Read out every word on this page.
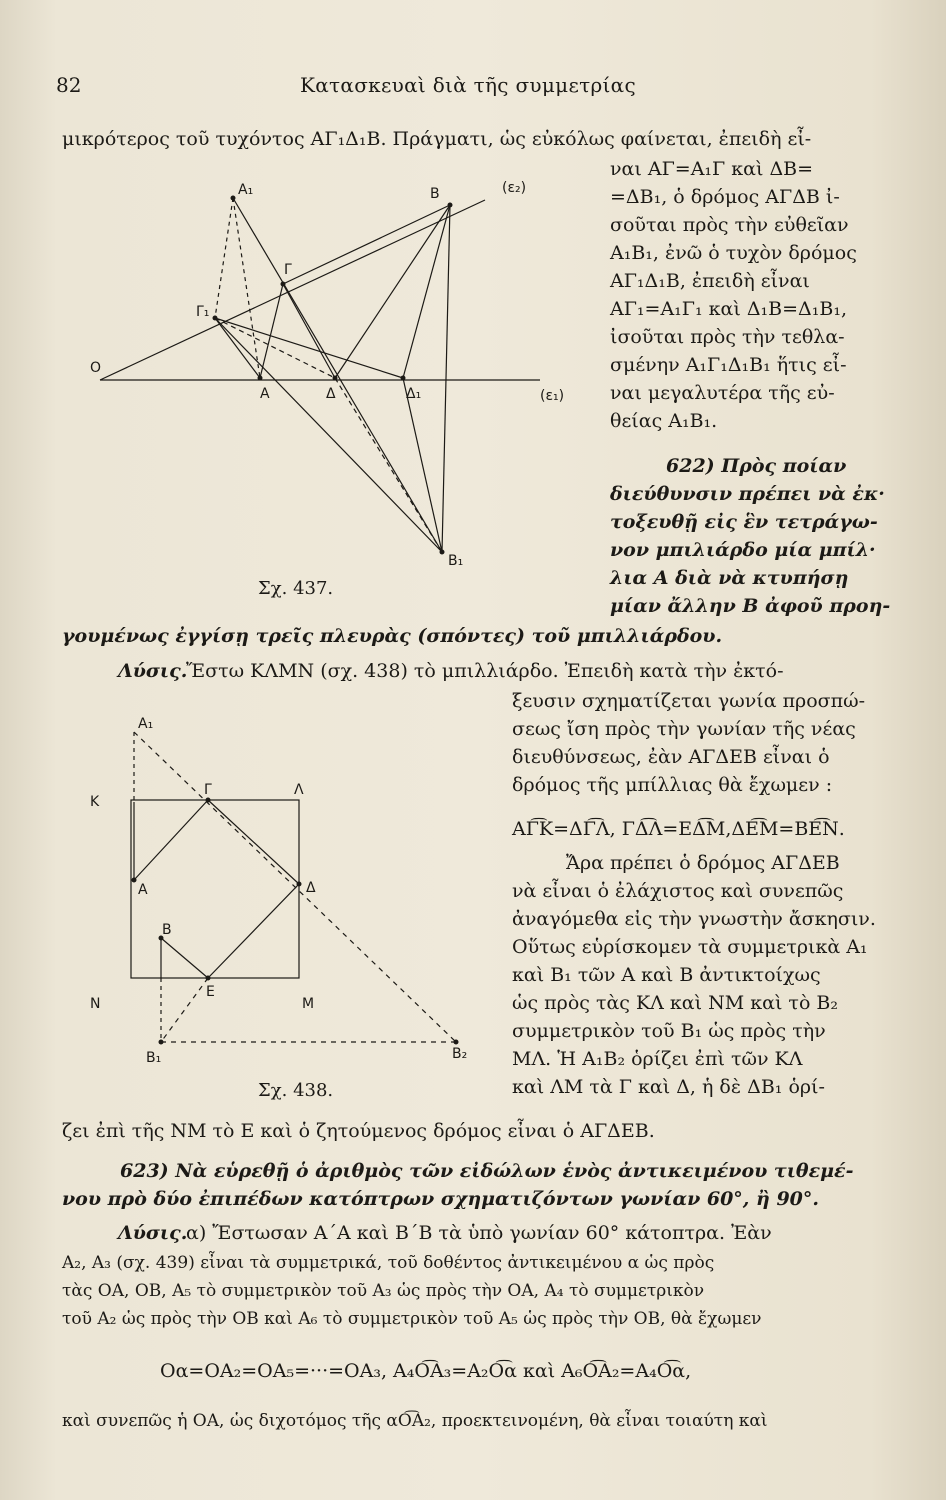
82	Κατασκευαὶ διὰ τῆς συμμετρίας
μικρότερος τοῦ τυχόντος ΑΓ₁Δ₁Β. Πράγματι, ὡς εὐκόλως φαίνεται, ἐπειδὴ εἶ-
ναι ΑΓ=Α₁Γ καὶ ΔΒ=
=ΔΒ₁, ὁ δρόμος ΑΓΔΒ ἰ-
σοῦται πρὸς τὴν εὐθεῖαν
Α₁Β₁, ἐνῶ ὁ τυχὸν δρόμος
ΑΓ₁Δ₁Β, ἐπειδὴ εἶναι
ΑΓ₁=Α₁Γ₁ καὶ Δ₁Β=Δ₁Β₁,
ἰσοῦται πρὸς τὴν τεθλα-
σμένην Α₁Γ₁Δ₁Β₁ ἥτις εἶ-
ναι μεγαλυτέρα τῆς εὐ-
θείας Α₁Β₁.
622) Πρὸς ποίαν
διεύθυνσιν πρέπει νὰ ἐκ·
τοξευθῇ εἰς ἓν τετράγω-
νον μπιλιάρδο μία μπίλ·
λια Α διὰ νὰ κτυπήσῃ
μίαν ἄλλην Β ἀφοῦ προη-
γουμένως ἐγγίσῃ τρεῖς πλευρὰς (σπόντες) τοῦ μπιλλιάρδου.
Λύσις.
Ἔστω ΚΛΜΝ (σχ. 438) τὸ μπιλλιάρδο. Ἐπειδὴ κατὰ τὴν ἐκτό-
ξευσιν σχηματίζεται γωνία προσπώ-
σεως ἴση πρὸς τὴν γωνίαν τῆς νέας
διευθύνσεως, ἐὰν ΑΓΔΕΒ εἶναι ὁ
δρόμος τῆς μπίλλιας θὰ ἔχωμεν :
ΑΓ͡Κ=ΔΓ͡Λ, ΓΔ͡Λ=ΕΔ͡Μ,ΔΕ͡Μ=ΒΕ͡Ν.
Ἄρα πρέπει ὁ δρόμος ΑΓΔΕΒ
νὰ εἶναι ὁ ἐλάχιστος καὶ συνεπῶς
ἀναγόμεθα εἰς τὴν γνωστὴν ἄσκησιν.
Οὕτως εὑρίσκομεν τὰ συμμετρικὰ Α₁
καὶ Β₁ τῶν Α καὶ Β ἀντικτοίχως
ὡς πρὸς τὰς ΚΛ καὶ ΝΜ καὶ τὸ Β₂
συμμετρικὸν τοῦ Β₁ ὡς πρὸς τὴν
ΜΛ. Ἡ Α₁Β₂ ὁρίζει ἐπὶ τῶν ΚΛ
καὶ ΛΜ τὰ Γ καὶ Δ, ἡ δὲ ΔΒ₁ ὁρί-
ζει ἐπὶ τῆς ΝΜ τὸ Ε καὶ ὁ ζητούμενος δρόμος εἶναι ὁ ΑΓΔΕΒ.
623) Νὰ εὑρεθῇ ὁ ἀριθμὸς τῶν εἰδώλων ἑνὸς ἀντικειμένου τιθεμέ-
νου πρὸ δύο ἐπιπέδων κατόπτρων σχηματιζόντων γωνίαν 60°, ἢ 90°.
Λύσις.
α) Ἔστωσαν Α΄Α καὶ Β΄Β τὰ ὑπὸ γωνίαν 60° κάτοπτρα. Ἐὰν
Α₂, Α₃ (σχ. 439) εἶναι τὰ συμμετρικά, τοῦ δοθέντος ἀντικειμένου α ὡς πρὸς
τὰς ΟΑ, ΟΒ, Α₅ τὸ συμμετρικὸν τοῦ Α₃ ὡς πρὸς τὴν ΟΑ, Α₄ τὸ συμμετρικὸν
τοῦ Α₂ ὡς πρὸς τὴν ΟΒ καὶ Α₆ τὸ συμμετρικὸν τοῦ Α₅ ὡς πρὸς τὴν ΟΒ, θὰ ἔχωμεν
Οα=ΟΑ₂=ΟΑ₅=···=ΟΑ₃, Α₄Ο͡Α₃=Α₂Ο͡α καὶ Α₆Ο͡Α₂=Α₄Ο͡α,
καὶ συνεπῶς ἡ ΟΑ, ὡς διχοτόμος τῆς αΟ͡Α₂, προεκτεινομένη, θὰ εἶναι τοιαύτη καὶ
A₁	B	(ε₂)
Γ
Γ₁
O
A	Δ	Δ₁	(ε₁)
B₁
Σχ. 437.
A₁
K
Γ	Λ
A	Δ
B
N
E
M
B₁	B₂
Σχ. 438.
